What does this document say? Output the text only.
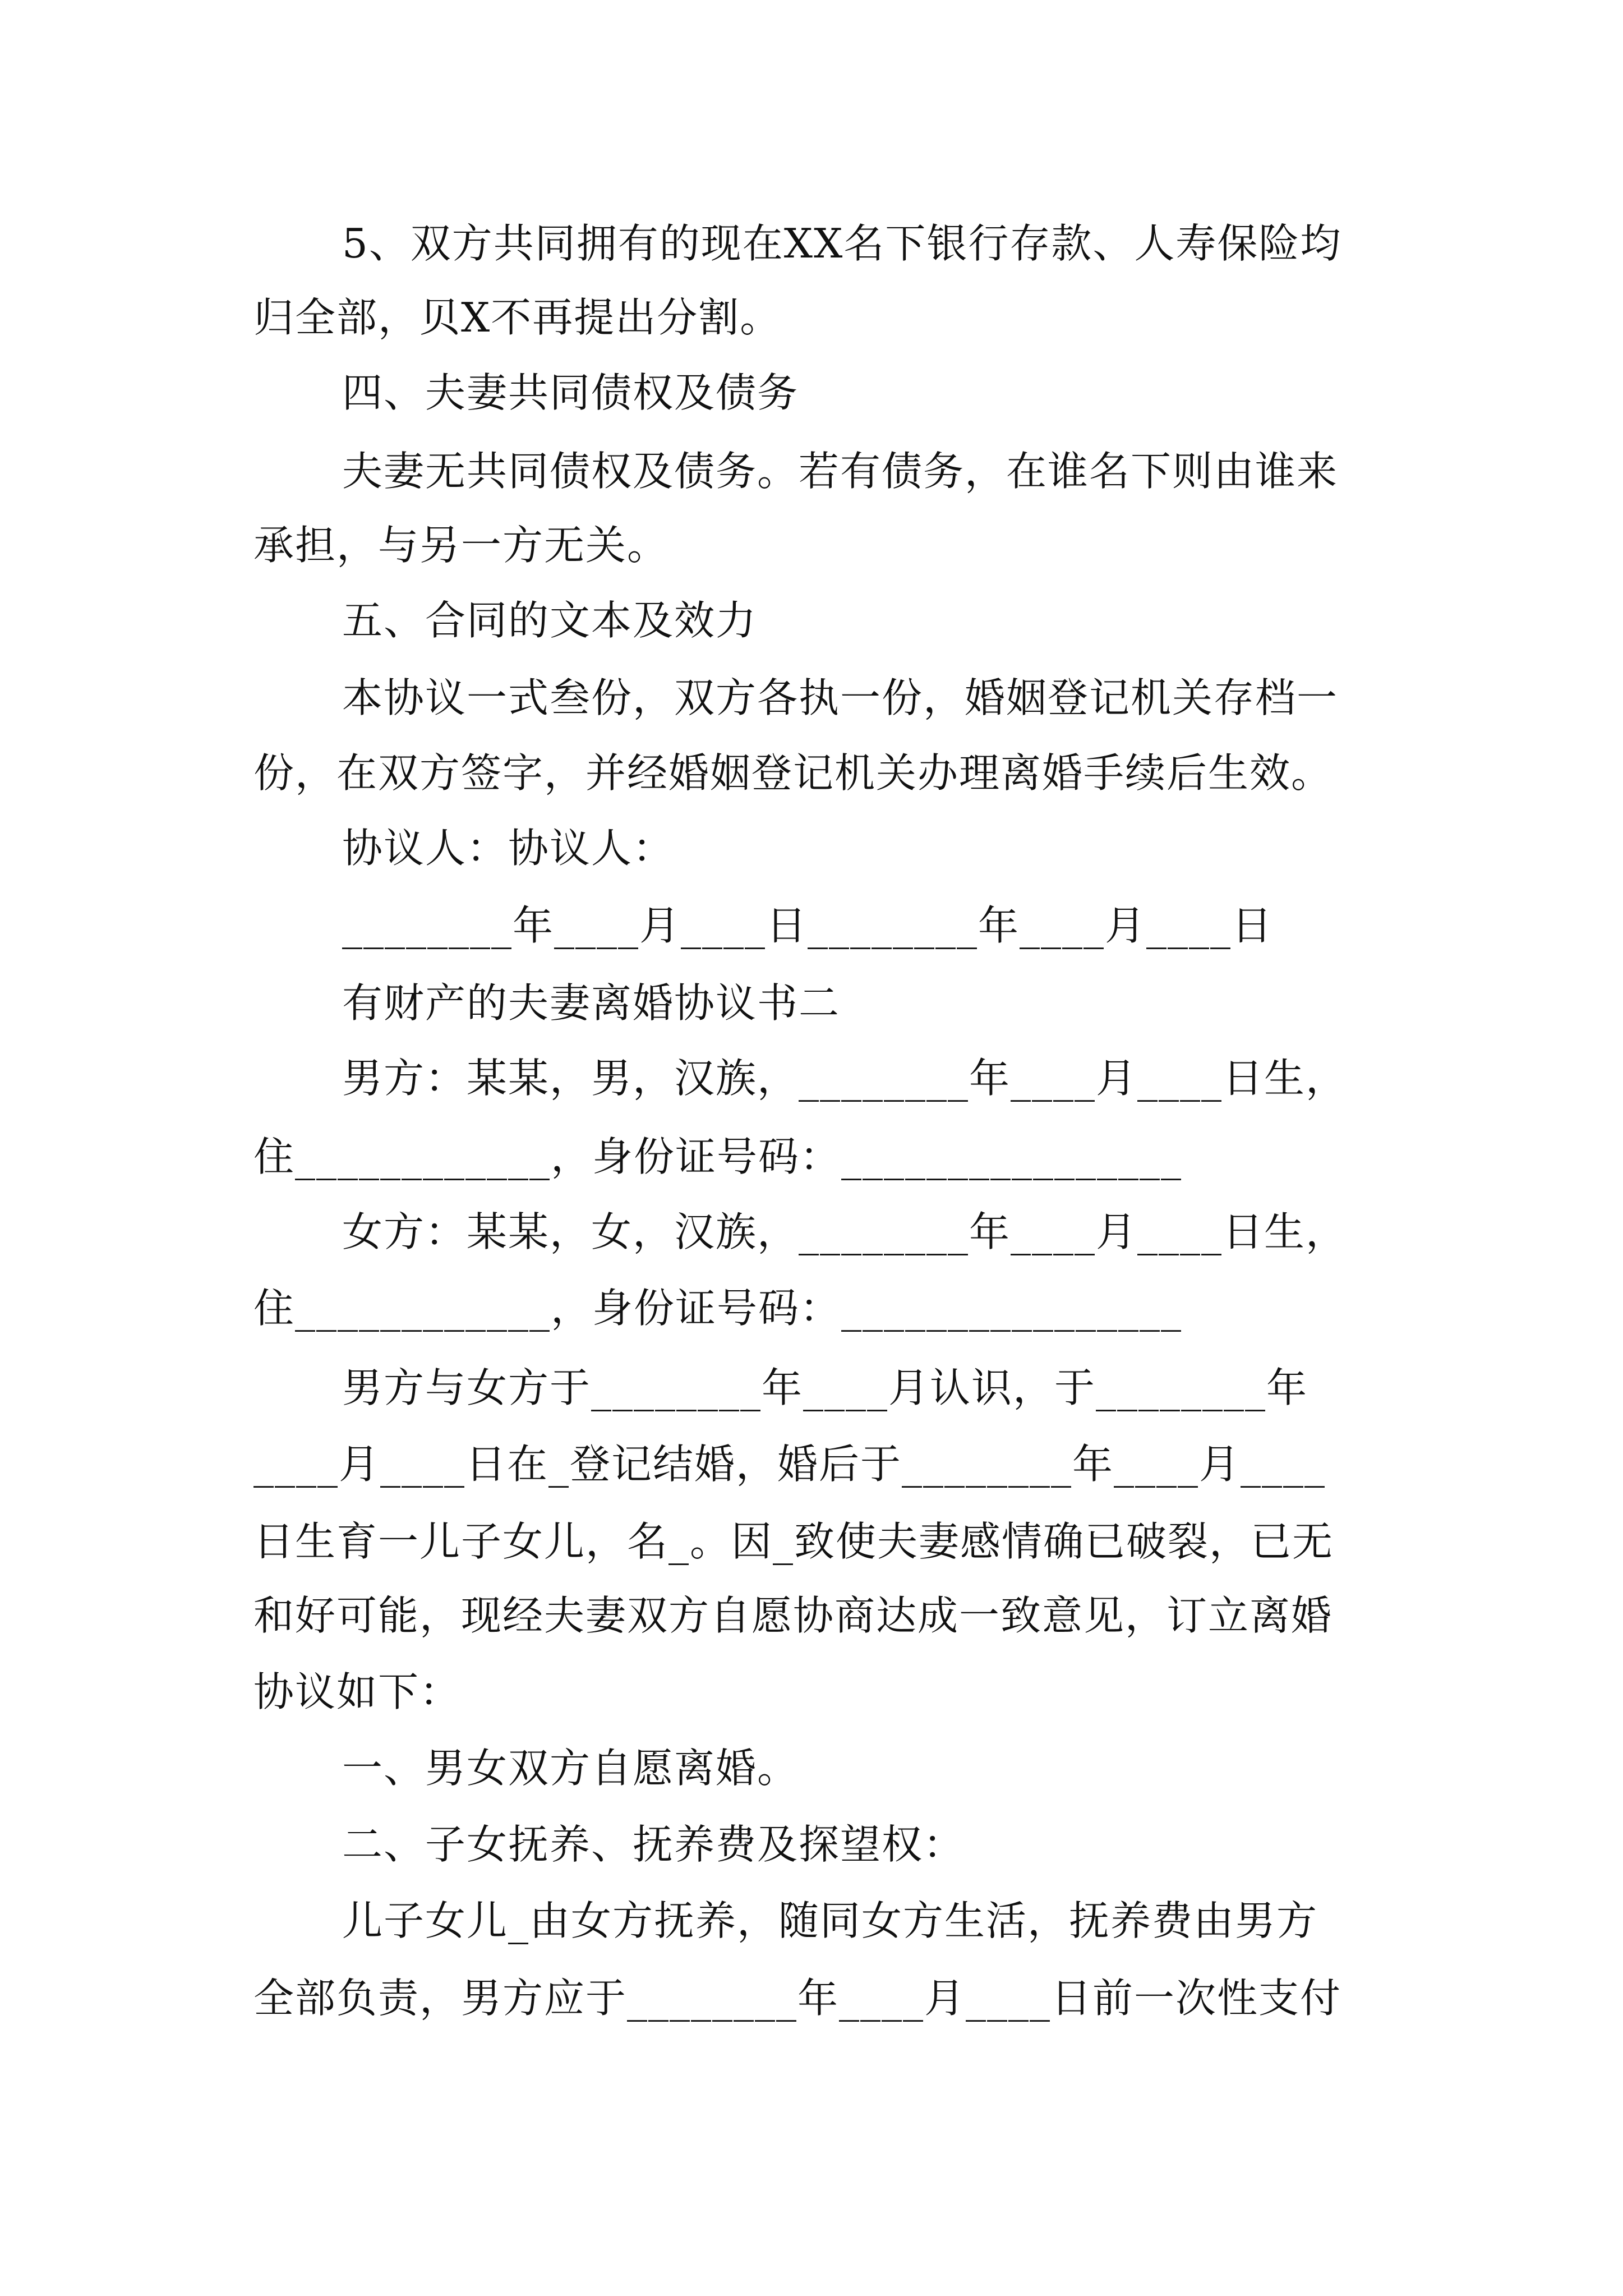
5、双方共同拥有的现在XX名下银行存款、人寿保险均
归全部，贝X不再提出分割。
四、夫妻共同债权及债务
夫妻无共同债权及债务。若有债务，在谁名下则由谁来
承担，与另一方无关。
五、合同的文本及效力
本协议一式叁份，双方各执一份，婚姻登记机关存档一
份，在双方签字，并经婚姻登记机关办理离婚手续后生效。
协议人：协议人：
________年____月____日________年____月____日
有财产的夫妻离婚协议书二
男方：某某，男，汉族，________年____月____日生，
住____________，身份证号码：________________
女方：某某，女，汉族，________年____月____日生，
住____________，身份证号码：________________
男方与女方于________年____月认识，于________年
____月____日在_登记结婚，婚后于________年____月____
日生育一儿子女儿，名_。因_致使夫妻感情确已破裂，已无
和好可能，现经夫妻双方自愿协商达成一致意见，订立离婚
协议如下：
一、男女双方自愿离婚。
二、子女抚养、抚养费及探望权：
儿子女儿_由女方抚养，随同女方生活，抚养费由男方
全部负责，男方应于________年____月____日前一次性支付
